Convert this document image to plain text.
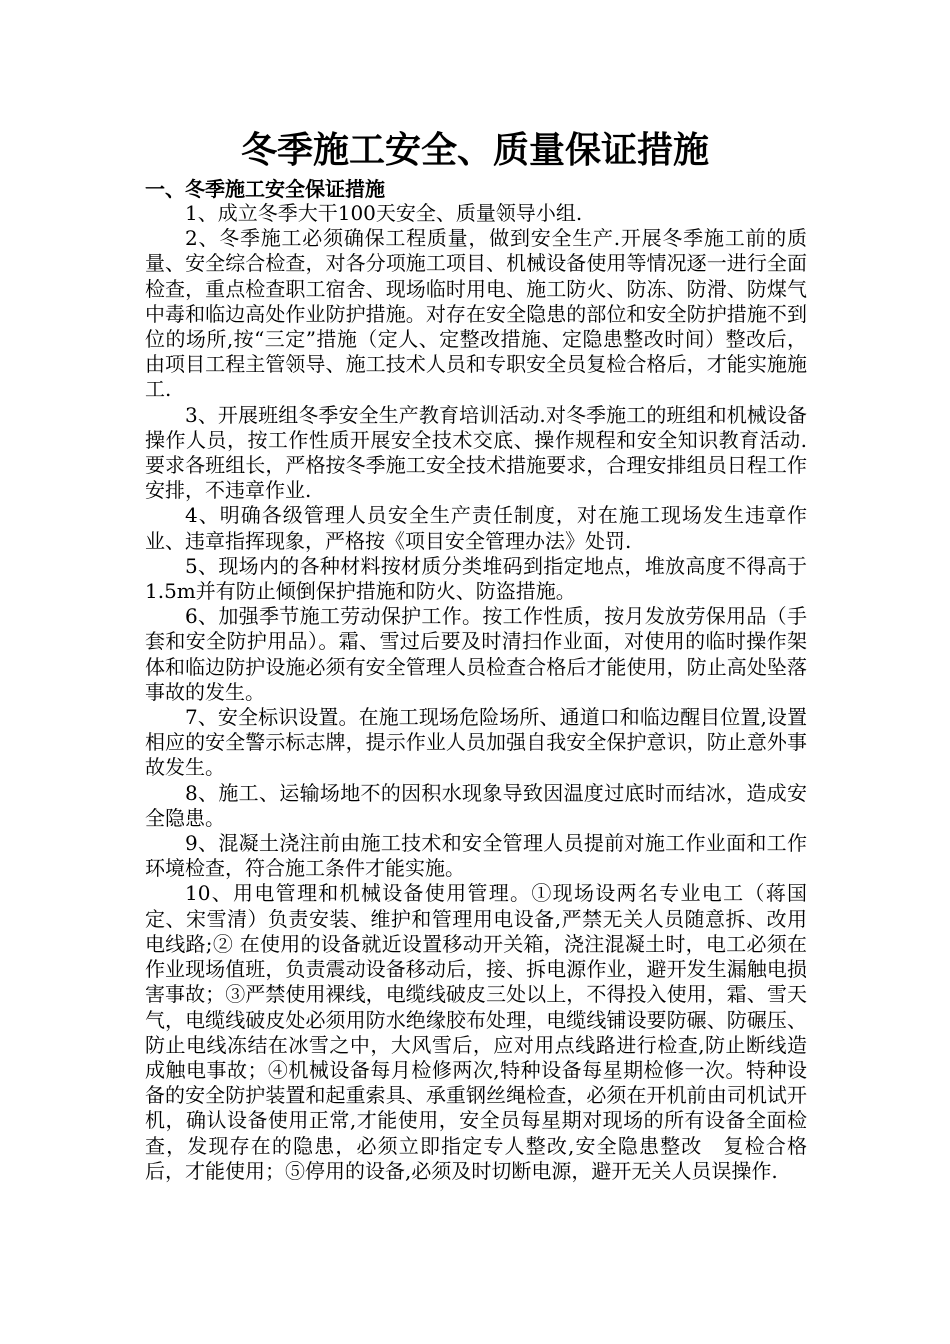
冬季施工安全、质量保证措施
一、冬季施工安全保证措施

1、成立冬季大干100天安全、质量领导小组.

2、冬季施工必须确保工程质量，做到安全生产.开展冬季施工前的质量、安全综合检查，对各分项施工项目、机械设备使用等情况逐一进行全面检查，重点检查职工宿舍、现场临时用电、施工防火、防冻、防滑、防煤气中毒和临边高处作业防护措施。对存在安全隐患的部位和安全防护措施不到位的场所,按“三定”措施（定人、定整改措施、定隐患整改时间）整改后，由项目工程主管领导、施工技术人员和专职安全员复检合格后，才能实施施工.

3、开展班组冬季安全生产教育培训活动.对冬季施工的班组和机械设备操作人员，按工作性质开展安全技术交底、操作规程和安全知识教育活动.要求各班组长，严格按冬季施工安全技术措施要求，合理安排组员日程工作安排，不违章作业.

4、明确各级管理人员安全生产责任制度，对在施工现场发生违章作业、违章指挥现象，严格按《项目安全管理办法》处罚.

5、现场内的各种材料按材质分类堆码到指定地点，堆放高度不得高于1.5m并有防止倾倒保护措施和防火、防盗措施。

6、加强季节施工劳动保护工作。按工作性质，按月发放劳保用品（手套和安全防护用品）。霜、雪过后要及时清扫作业面，对使用的临时操作架体和临边防护设施必须有安全管理人员检查合格后才能使用，防止高处坠落事故的发生。

7、安全标识设置。在施工现场危险场所、通道口和临边醒目位置,设置相应的安全警示标志牌，提示作业人员加强自我安全保护意识，防止意外事故发生。

8、施工、运输场地不的因积水现象导致因温度过底时而结冰，造成安全隐患。

9、混凝土浇注前由施工技术和安全管理人员提前对施工作业面和工作环境检查，符合施工条件才能实施。

10、用电管理和机械设备使用管理。①现场设两名专业电工（蒋国定、宋雪清）负责安装、维护和管理用电设备,严禁无关人员随意拆、改用电线路;② 在使用的设备就近设置移动开关箱，浇注混凝土时，电工必须在作业现场值班，负责震动设备移动后，接、拆电源作业，避开发生漏触电损害事故；③严禁使用裸线，电缆线破皮三处以上，不得投入使用，霜、雪天气，电缆线破皮处必须用防水绝缘胶布处理，电缆线铺设要防碾、防碾压、防止电线冻结在冰雪之中，大风雪后，应对用点线路进行检查,防止断线造成触电事故；④机械设备每月检修两次,特种设备每星期检修一次。特种设备的安全防护装置和起重索具、承重钢丝绳检查，必须在开机前由司机试开机，确认设备使用正常,才能使用，安全员每星期对现场的所有设备全面检查，发现存在的隐患，必须立即指定专人整改,安全隐患整改　复检合格后，才能使用；⑤停用的设备,必须及时切断电源，避开无关人员误操作.
